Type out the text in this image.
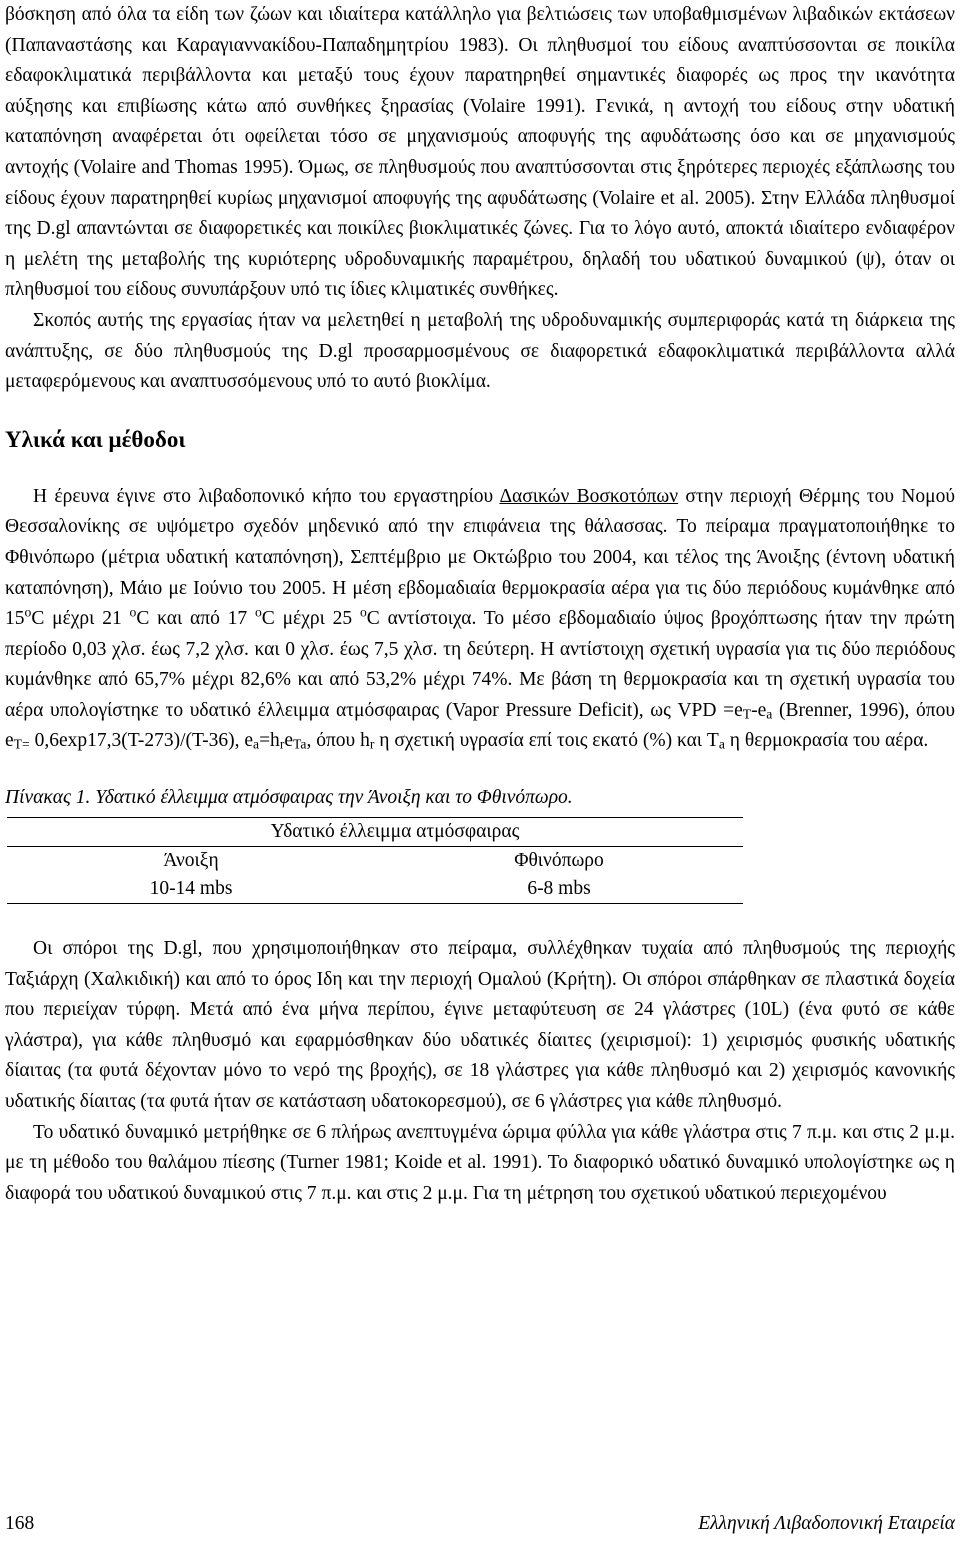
βόσκηση από όλα τα είδη των ζώων και ιδιαίτερα κατάλληλο για βελτιώσεις των υποβαθμισμένων λιβαδικών εκτάσεων (Παπαναστάσης και Καραγιαννακίδου-Παπαδημητρίου 1983). Οι πληθυσμοί του είδους αναπτύσσονται σε ποικίλα εδαφοκλιματικά περιβάλλοντα και μεταξύ τους έχουν παρατηρηθεί σημαντικές διαφορές ως προς την ικανότητα αύξησης και επιβίωσης κάτω από συνθήκες ξηρασίας (Volaire 1991). Γενικά, η αντοχή του είδους στην υδατική καταπόνηση αναφέρεται ότι οφείλεται τόσο σε μηχανισμούς αποφυγής της αφυδάτωσης όσο και σε μηχανισμούς αντοχής (Volaire and Thomas 1995). Όμως, σε πληθυσμούς που αναπτύσσονται στις ξηρότερες περιοχές εξάπλωσης του είδους έχουν παρατηρηθεί κυρίως μηχανισμοί αποφυγής της αφυδάτωσης (Volaire et al. 2005). Στην Ελλάδα πληθυσμοί της D.gl απαντώνται σε διαφορετικές και ποικίλες βιοκλιματικές ζώνες. Για το λόγο αυτό, αποκτά ιδιαίτερο ενδιαφέρον η μελέτη της μεταβολής της κυριότερης υδροδυναμικής παραμέτρου, δηλαδή του υδατικού δυναμικού (ψ), όταν οι πληθυσμοί του είδους συνυπάρξουν υπό τις ίδιες κλιματικές συνθήκες.

Σκοπός αυτής της εργασίας ήταν να μελετηθεί η μεταβολή της υδροδυναμικής συμπεριφοράς κατά τη διάρκεια της ανάπτυξης, σε δύο πληθυσμούς της D.gl προσαρμοσμένους σε διαφορετικά εδαφοκλιματικά περιβάλλοντα αλλά μεταφερόμενους και αναπτυσσόμενους υπό το αυτό βιοκλίμα.

Υλικά και μέθοδοι

Η έρευνα έγινε στο λιβαδοπονικό κήπο του εργαστηρίου Δασικών Βοσκοτόπων στην περιοχή Θέρμης του Νομού Θεσσαλονίκης σε υψόμετρο σχεδόν μηδενικό από την επιφάνεια της θάλασσας. Το πείραμα πραγματοποιήθηκε το Φθινόπωρο (μέτρια υδατική καταπόνηση), Σεπτέμβριο με Οκτώβριο του 2004, και τέλος της Άνοιξης (έντονη υδατική καταπόνηση), Μάιο με Ιούνιο του 2005. Η μέση εβδομαδιαία θερμοκρασία αέρα για τις δύο περιόδους κυμάνθηκε από 15$^o$C μέχρι 21 $^o$C και από 17 $^o$C μέχρι 25 $^o$C αντίστοιχα. Το μέσο εβδομαδιαίο ύψος βροχόπτωσης ήταν την πρώτη περίοδο 0,03 χλσ. έως 7,2 χλσ. και 0 χλσ. έως 7,5 χλσ. τη δεύτερη. Η αντίστοιχη σχετική υγρασία για τις δύο περιόδους κυμάνθηκε από 65,7% μέχρι 82,6% και από 53,2% μέχρι 74%. Με βάση τη θερμοκρασία και τη σχετική υγρασία του αέρα υπολογίστηκε το υδατικό έλλειμμα ατμόσφαιρας (Vapor Pressure Deficit), ως VPD =eT-ea (Brenner, 1996), όπου eT= 0,6exp17,3(T-273)/(T-36), ea=hreTa, όπου hr η σχετική υγρασία επί τοις εκατό (%) και Ta η θερμοκρασία του αέρα.

Πίνακας 1. Υδατικό έλλειμμα ατμόσφαιρας την Άνοιξη και το Φθινόπωρο.

Υδατικό έλλειμμα ατμόσφαιρας
Άνοιξη	Φθινόπωρο
10-14 mbs	6-8 mbs

Οι σπόροι της D.gl, που χρησιμοποιήθηκαν στο πείραμα, συλλέχθηκαν τυχαία από πληθυσμούς της περιοχής Ταξιάρχη (Χαλκιδική) και από το όρος Ιδη και την περιοχή Ομαλού (Κρήτη). Οι σπόροι σπάρθηκαν σε πλαστικά δοχεία που περιείχαν τύρφη. Μετά από ένα μήνα περίπου, έγινε μεταφύτευση σε 24 γλάστρες (10L) (ένα φυτό σε κάθε γλάστρα), για κάθε πληθυσμό και εφαρμόσθηκαν δύο υδατικές δίαιτες (χειρισμοί): 1) χειρισμός φυσικής υδατικής δίαιτας (τα φυτά δέχονταν μόνο το νερό της βροχής), σε 18 γλάστρες για κάθε πληθυσμό και 2) χειρισμός κανονικής υδατικής δίαιτας (τα φυτά ήταν σε κατάσταση υδατοκορεσμού), σε 6 γλάστρες για κάθε πληθυσμό.

Το υδατικό δυναμικό μετρήθηκε σε 6 πλήρως ανεπτυγμένα ώριμα φύλλα για κάθε γλάστρα στις 7 π.μ. και στις 2 μ.μ. με τη μέθοδο του θαλάμου πίεσης (Turner 1981; Koide et al. 1991). Το διαφορικό υδατικό δυναμικό υπολογίστηκε ως η διαφορά του υδατικού δυναμικού στις 7 π.μ. και στις 2 μ.μ. Για τη μέτρηση του σχετικού υδατικού περιεχομένου

168	Ελληνική Λιβαδοπονική Εταιρεία
